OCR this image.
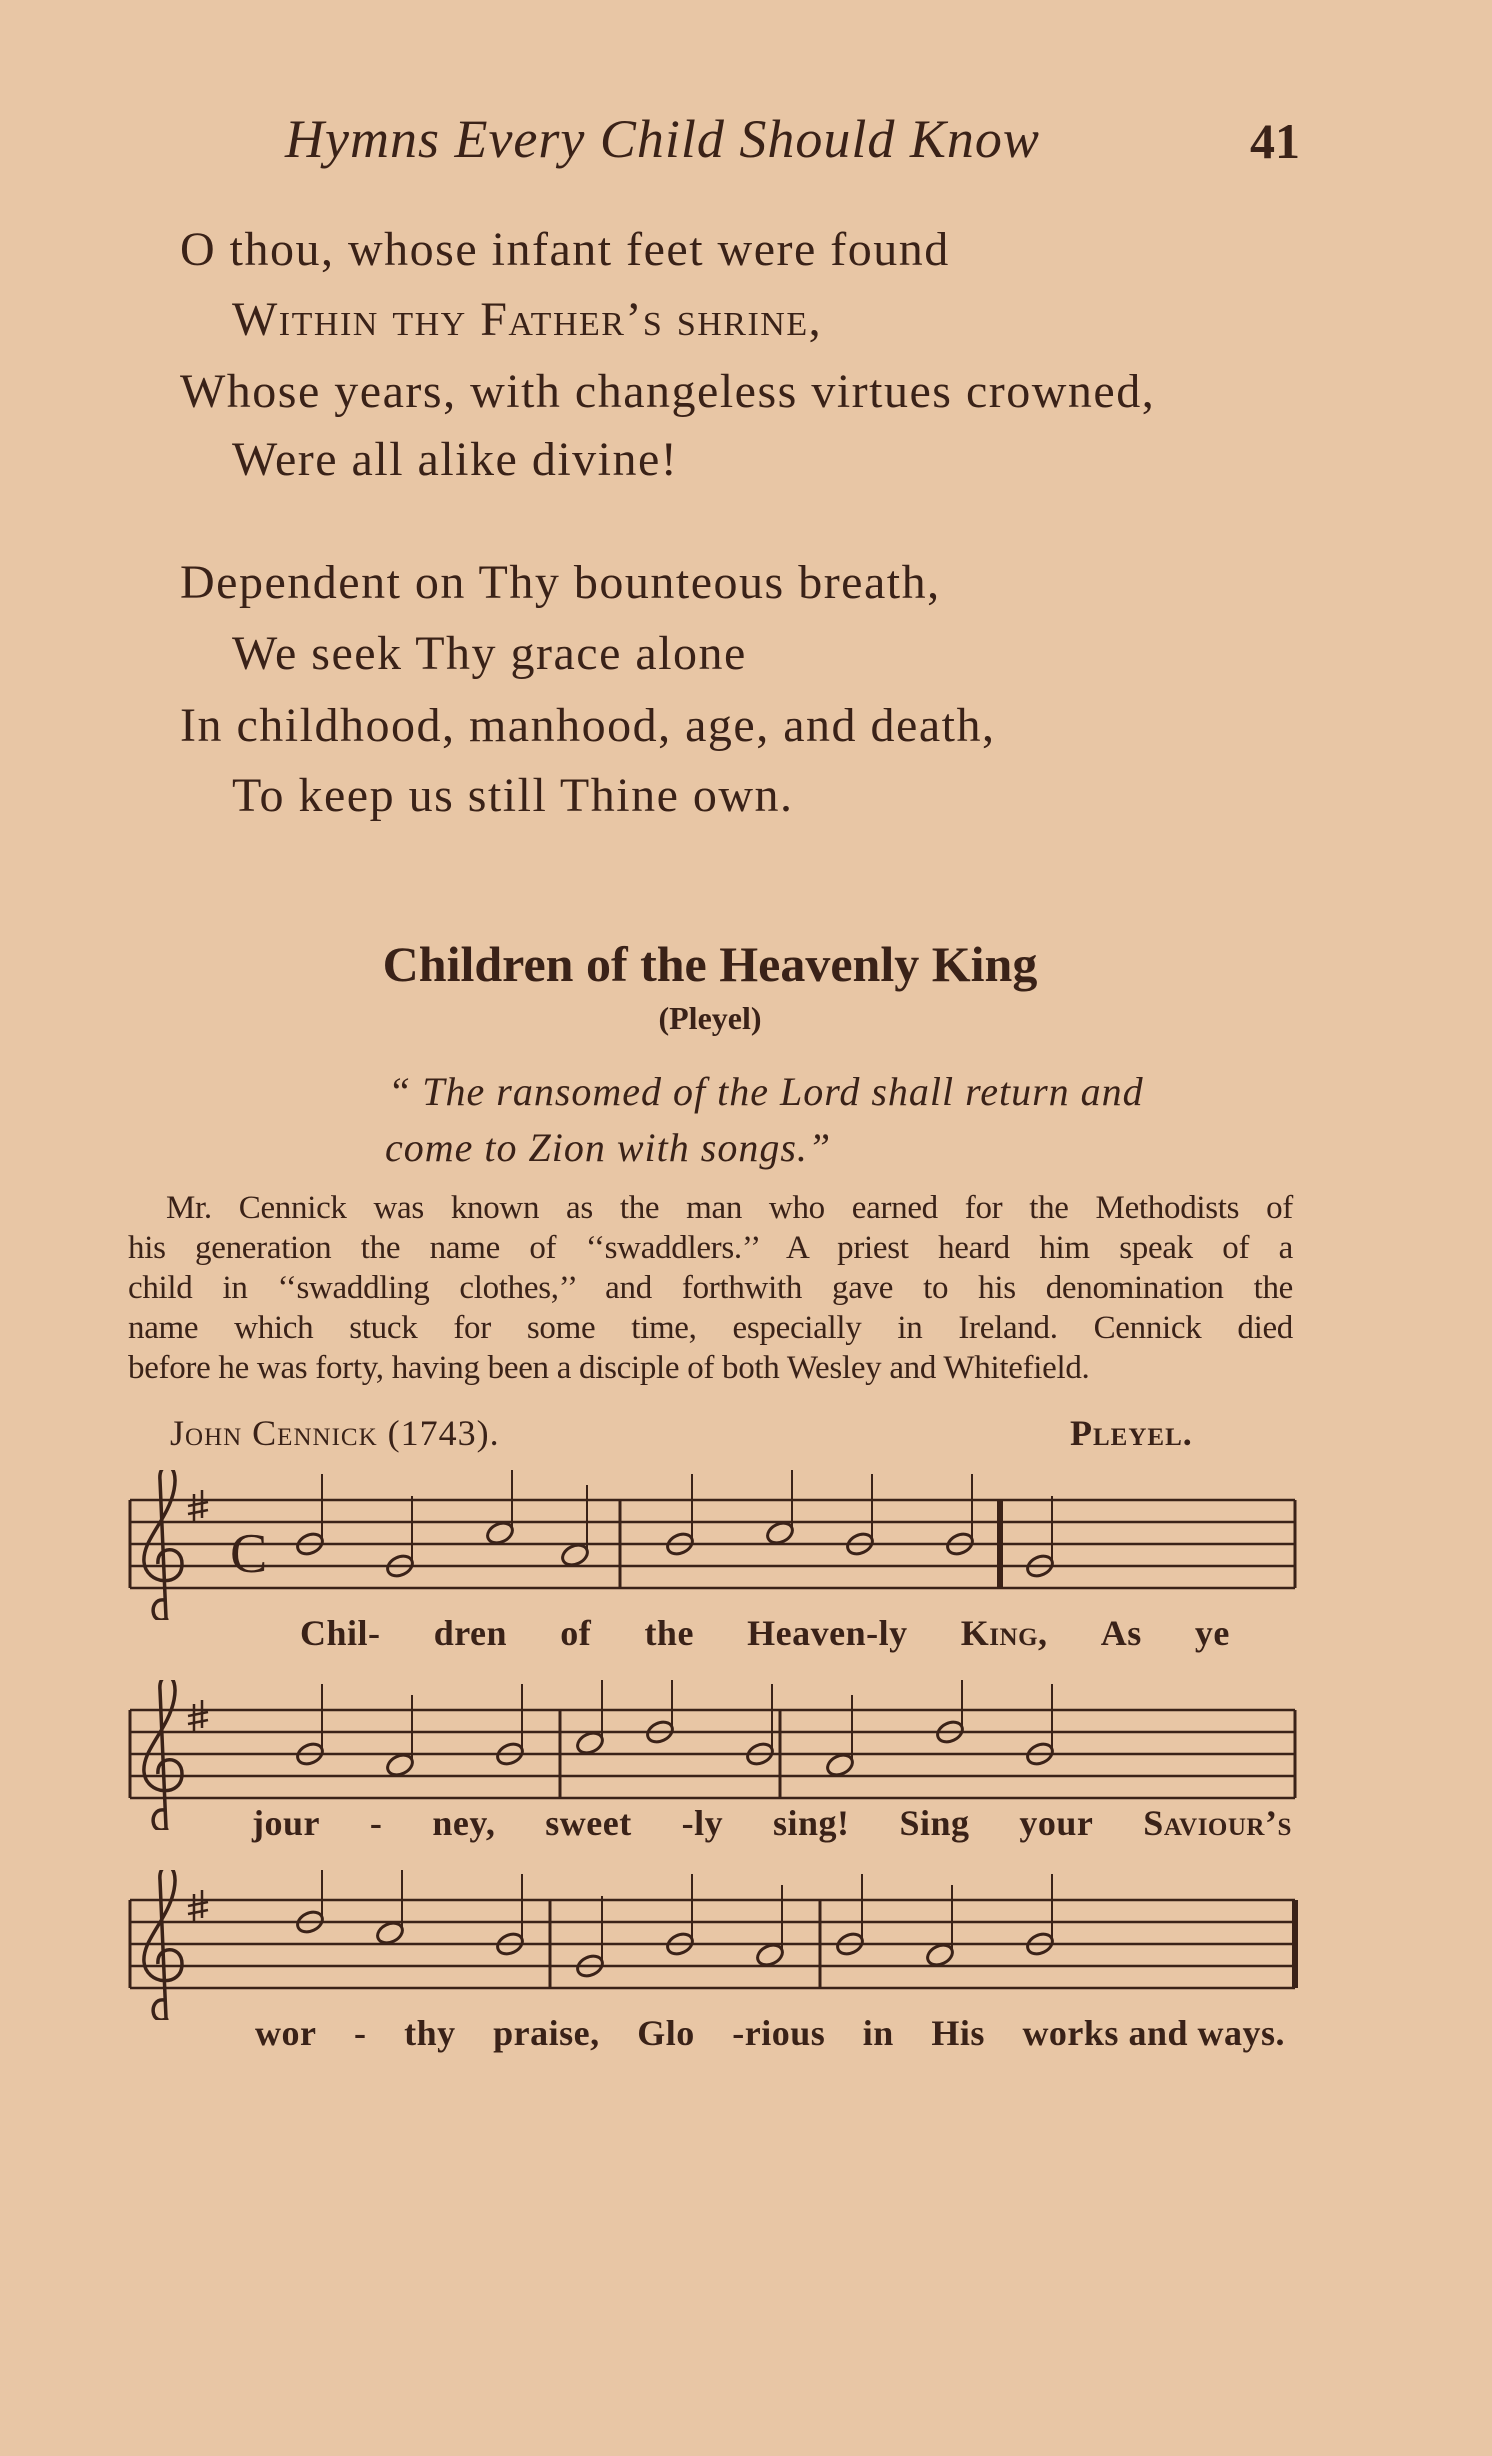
Hymns Every Child Should Know	41
O thou, whose infant feet were found
Within thy Father’s shrine,
Whose years, with changeless virtues crowned,
Were all alike divine!
Dependent on Thy bounteous breath,
We seek Thy grace alone
In childhood, manhood, age, and death,
To keep us still Thine own.
Children of the Heavenly King
(Pleyel)
“ The ransomed of the Lord shall return and
come to Zion with songs.”
Mr. Cennick was known as the man who earned for the Methodists of
his generation the name of ‘‘swaddlers.’’ A priest heard him speak of a
child in ‘‘swaddling clothes,’’ and forthwith gave to his denomination the
name which stuck for some time, especially in Ireland. Cennick died
before he was forty, having been a disciple of both Wesley and Whitefield.
John Cennick (1743).	Pleyel.
C
Chil- dren of the Heaven-ly King, As ye
jour - ney, sweet -ly sing! Sing your Saviour’s
wor - thy praise, Glo -rious in His works and ways.
